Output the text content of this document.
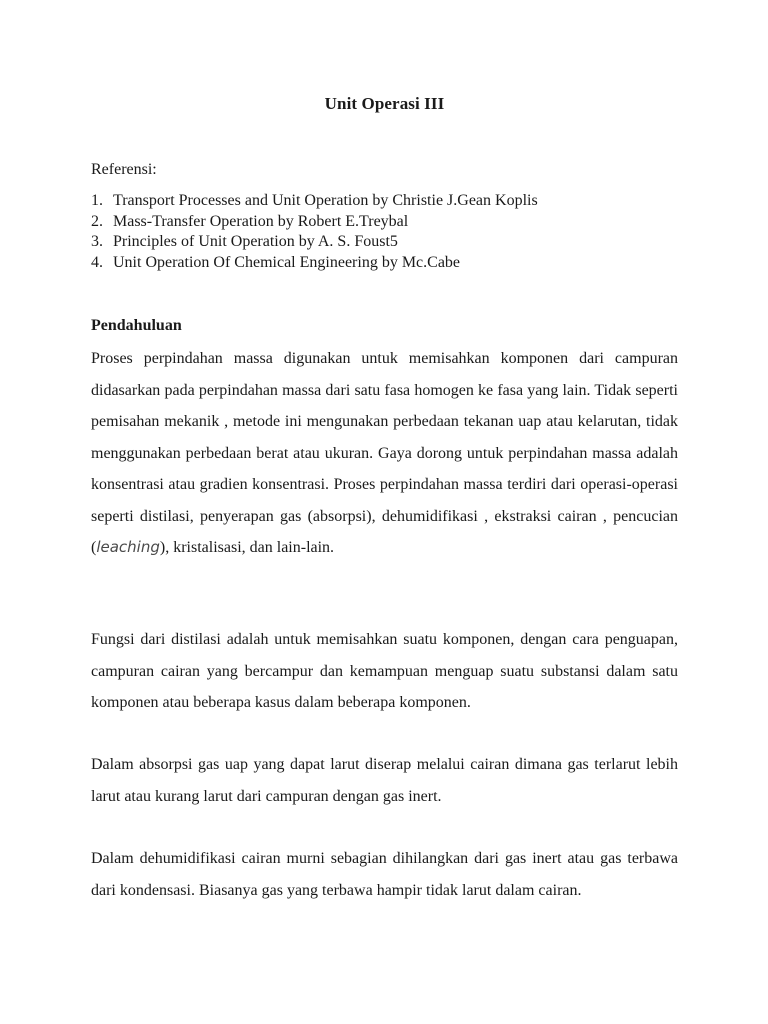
Unit Operasi III
Referensi:
1. Transport Processes and Unit Operation by Christie J.Gean Koplis
2. Mass-Transfer Operation by Robert E.Treybal
3. Principles of Unit Operation by A. S. Foust5
4. Unit Operation Of Chemical Engineering by Mc.Cabe
Pendahuluan

Proses perpindahan massa digunakan untuk memisahkan komponen dari campuran didasarkan pada perpindahan massa dari satu fasa homogen ke fasa yang lain. Tidak seperti pemisahan mekanik , metode ini mengunakan perbedaan tekanan uap atau kelarutan, tidak menggunakan perbedaan berat atau ukuran. Gaya dorong untuk perpindahan massa adalah konsentrasi atau gradien konsentrasi. Proses perpindahan massa terdiri dari operasi-operasi seperti distilasi, penyerapan gas (absorpsi), dehumidifikasi , ekstraksi cairan , pencucian (leaching), kristalisasi, dan lain-lain.

Fungsi dari distilasi adalah untuk memisahkan suatu komponen, dengan cara penguapan, campuran cairan yang bercampur dan kemampuan menguap suatu substansi dalam satu komponen atau beberapa kasus dalam beberapa komponen.

Dalam absorpsi gas uap yang dapat larut diserap melalui cairan dimana gas terlarut lebih larut atau kurang larut dari campuran dengan gas inert.

Dalam dehumidifikasi cairan murni sebagian dihilangkan dari gas inert atau gas terbawa dari kondensasi. Biasanya gas yang terbawa hampir tidak larut dalam cairan.
